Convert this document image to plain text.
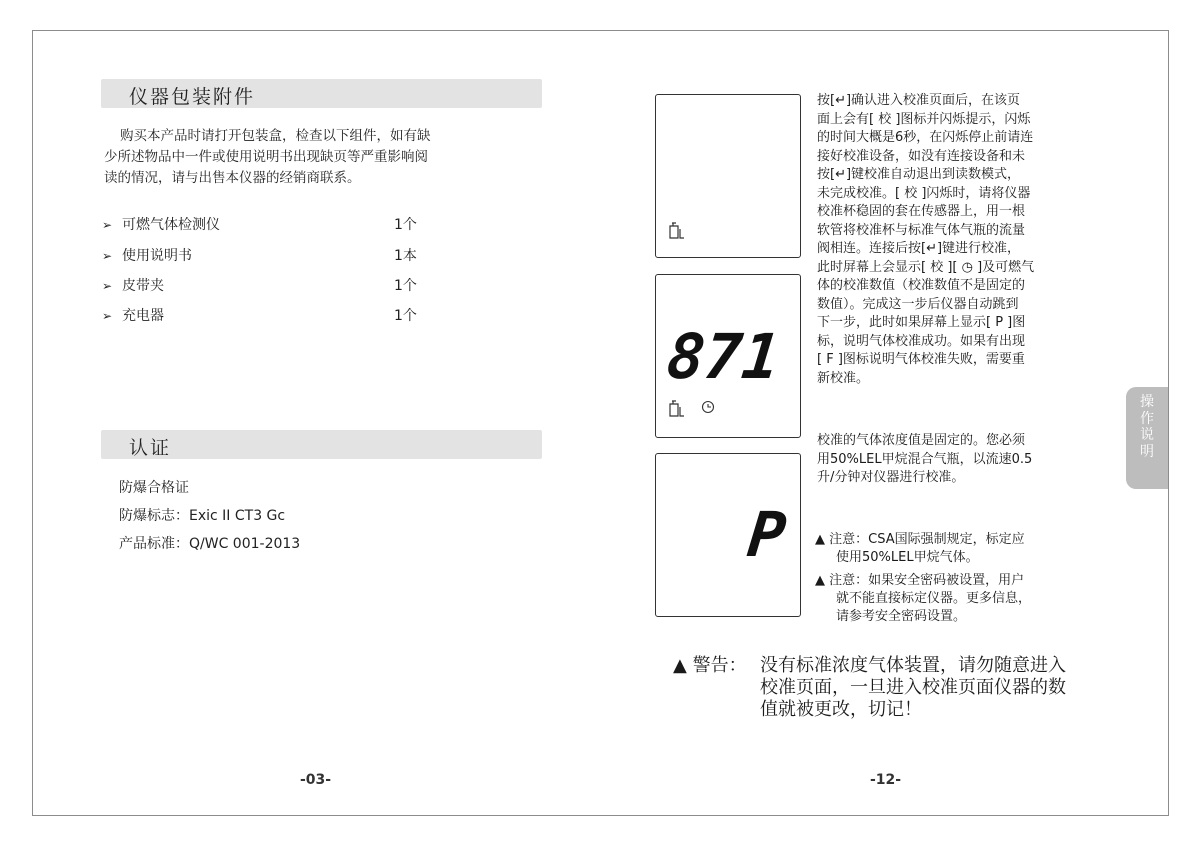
仪器包装附件
购买本产品时请打开包装盒，检查以下组件，如有缺
少所述物品中一件或使用说明书出现缺页等严重影响阅
读的情况，请与出售本仪器的经销商联系。
➢ 可燃气体检测仪	1个
➢ 使用说明书	1本
➢ 皮带夹	1个
➢ 充电器	1个
认证
防爆合格证
防爆标志：Exic II CT3 Gc
产品标准：Q/WC 001-2013
-03-
871
P
按[↵]确认进入校准页面后，在该页
面上会有[ 校 ]图标并闪烁提示，闪烁
的时间大概是6秒，在闪烁停止前请连
接好校准设备，如没有连接设备和未
按[↵]键校准自动退出到读数模式，
未完成校准。[ 校 ]闪烁时，请将仪器
校准杯稳固的套在传感器上，用一根
软管将校准杯与标准气体气瓶的流量
阀相连。连接后按[↵]键进行校准，
此时屏幕上会显示[ 校 ][ ◷ ]及可燃气
体的校准数值（校准数值不是固定的
数值）。完成这一步后仪器自动跳到
下一步，此时如果屏幕上显示[ P ]图
标，说明气体校准成功。如果有出现
[ F ]图标说明气体校准失败，需要重
新校准。
校准的气体浓度值是固定的。您必须
用50%LEL甲烷混合气瓶，以流速0.5
升/分钟对仪器进行校准。
▲ 注意：CSA国际强制规定，标定应
使用50%LEL甲烷气体。
▲ 注意：如果安全密码被设置，用户
就不能直接标定仪器。更多信息，
请参考安全密码设置。
▲ 警告： 没有标准浓度气体装置，请勿随意进入
校准页面，一旦进入校准页面仪器的数
值就被更改，切记！
操作说明
-12-
